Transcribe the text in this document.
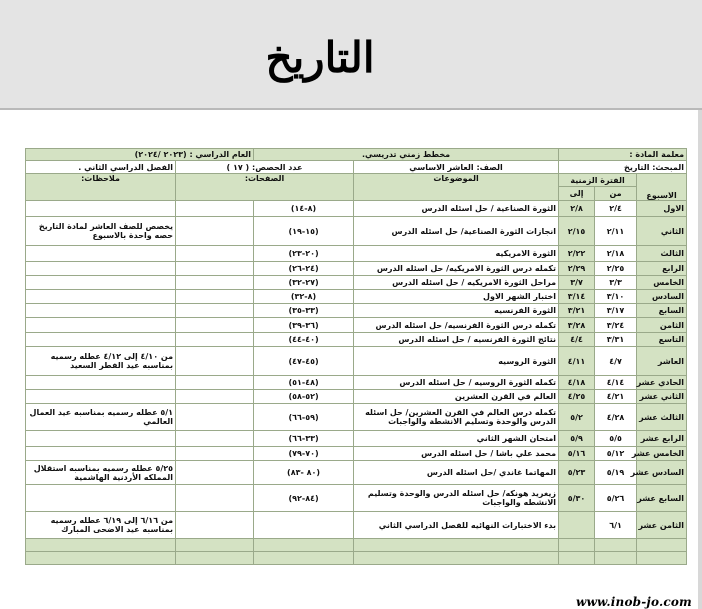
التاريخ
معلمة المادة :			مخطط زمني تدريسي.		العام الدراسي : (٢٠٢٣ /٢٠٢٤)	
المبحث: التاريخ			الصف: العاشر الاساسي	عدد الحصص: ( ١٧ )		الفصل الدراسي الثاني .
الاسبوع	الفترة الزمنية		الموضوعات	الصفحات:		ملاحظات:
	من	إلى				
الاول	٢/٤	٢/٨	الثورة الصناعية / حل اسئله الدرس	(٨-١٤)		
الثاني	٢/١١	٢/١٥	انجازات الثورة الصناعية/ حل اسئله الدرس	(١٥-١٩)		يخصص للصف العاشر لمادة التاريخ حصه واحدة بالاسبوع
الثالث	٢/١٨	٢/٢٢	الثورة الامريكيه	(٢٠-٢٣)		
الرابع	٢/٢٥	٢/٢٩	تكمله درس الثورة الامريكيه/ حل اسئله الدرس	(٢٤-٢٦)		
الخامس	٣/٣	٣/٧	مراحل الثورة الامريكيه / حل اسئله الدرس	(٢٧-٣٢)		
السادس	٣/١٠	٣/١٤	اختبار الشهر الاول	(٨-٣٢)		
السابع	٣/١٧	٣/٢١	الثورة الفرنسيه	(٣٣-٣٥)		
الثامن	٣/٢٤	٣/٢٨	تكمله درس الثورة الفرنسيه/ حل اسئله الدرس	(٣٦-٣٩)		
التاسع	٣/٣١	٤/٤	نتائج الثورة الفرنسيه / حل اسئله الدرس	(٤٠-٤٤)		
العاشر	٤/٧	٤/١١	الثورة الروسيه	(٤٥-٤٧)		من ٤/١٠ إلى ٤/١٢ عطله رسميه بمناسبه عيد الفطر السعيد
الحادي عشر	٤/١٤	٤/١٨	تكمله الثورة الروسيه / حل اسئله الدرس	(٤٨-٥١)		
الثاني عشر	٤/٢١	٤/٢٥	العالم في القرن العشرين	(٥٢-٥٨)		
الثالث عشر	٤/٢٨	٥/٢	تكمله درس العالم في القرن العشرين/ حل اسئله الدرس والوحدة وتسليم الانشطة والواجبات	(٥٩-٦٦)		٥/١ عطله رسميه بمناسبه عيد العمال العالمي
الرابع عشر	٥/٥	٥/٩	امتحان الشهر الثاني	(٣٣-٦٦)		
الخامس عشر	٥/١٢	٥/١٦	محمد علي باشا / حل اسئله الدرس	(٧٠-٧٩)		
السادس عشر	٥/١٩	٥/٢٣	المهاتما غاندي /حل اسئله الدرس	(٨٠ -٨٣)		٥/٢٥ عطله رسميه بمناسبه استقلال المملكه الأردنية الهاشمية
السابع عشر	٥/٢٦	٥/٣٠	زيغريد هونكه/ حل اسئله الدرس والوحدة وتسليم الانشطه والواجبات	(٨٤-٩٢)		
الثامن عشر	٦/١		بدء الاختبارات النهائيه للفصل الدراسي الثاني			من ٦/١٦ إلى ٦/١٩ عطله رسميه بمناسبه عيد الاضحى المبارك

www.inob-jo.com
